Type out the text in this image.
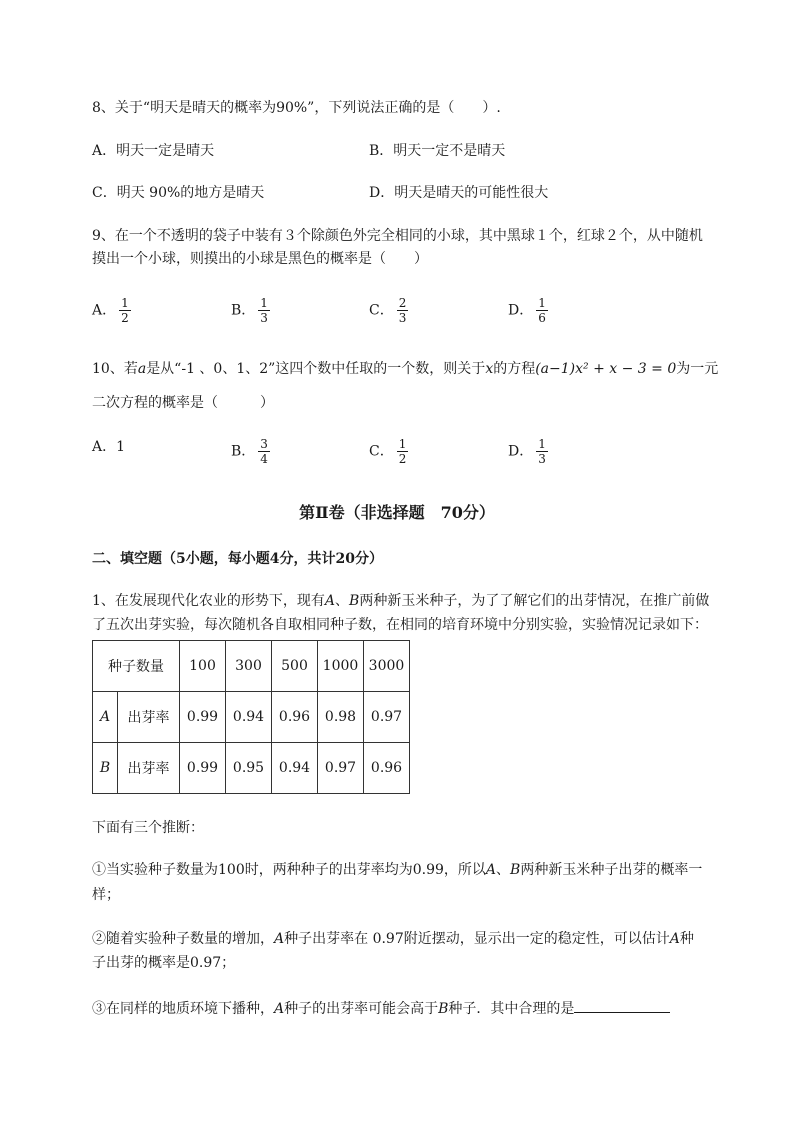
8、关于“明天是晴天的概率为90%”，下列说法正确的是（　　）.
A．明天一定是晴天	B．明天一定不是晴天
C．明天 90%的地方是晴天	D．明天是晴天的可能性很大
9、在一个不透明的袋子中装有３个除颜色外完全相同的小球，其中黑球１个，红球２个，从中随机
摸出一个小球，则摸出的小球是黑色的概率是（　　）
A． $\frac{1}{2}$	B． $\frac{1}{3}$	C． $\frac{2}{3}$	D． $\frac{1}{6}$
10、若a是从“-1 、0、1、2”这四个数中任取的一个数，则关于x的方程(a−1)x² + x − 3 = 0为一元
二次方程的概率是（　　　）
A．1	B． $\frac{3}{4}$	C． $\frac{1}{2}$	D． $\frac{1}{3}$
第Ⅱ卷（非选择题　70分）
二、填空题（5小题，每小题4分，共计20分）
1、在发展现代化农业的形势下，现有A、B两种新玉米种子，为了了解它们的出芽情况，在推广前做
了五次出芽实验，每次随机各自取相同种子数，在相同的培育环境中分别实验，实验情况记录如下：
种子数量		100	300	500	1000	3000
A	出芽率	0.99	0.94	0.96	0.98	0.97
B	出芽率	0.99	0.95	0.94	0.97	0.96
下面有三个推断：
①当实验种子数量为100时，两种种子的出芽率均为0.99，所以A、B两种新玉米种子出芽的概率一
样；
②随着实验种子数量的增加，A种子出芽率在 0.97附近摆动，显示出一定的稳定性，可以估计A种
子出芽的概率是0.97；
③在同样的地质环境下播种，A种子的出芽率可能会高于B种子．其中合理的是
